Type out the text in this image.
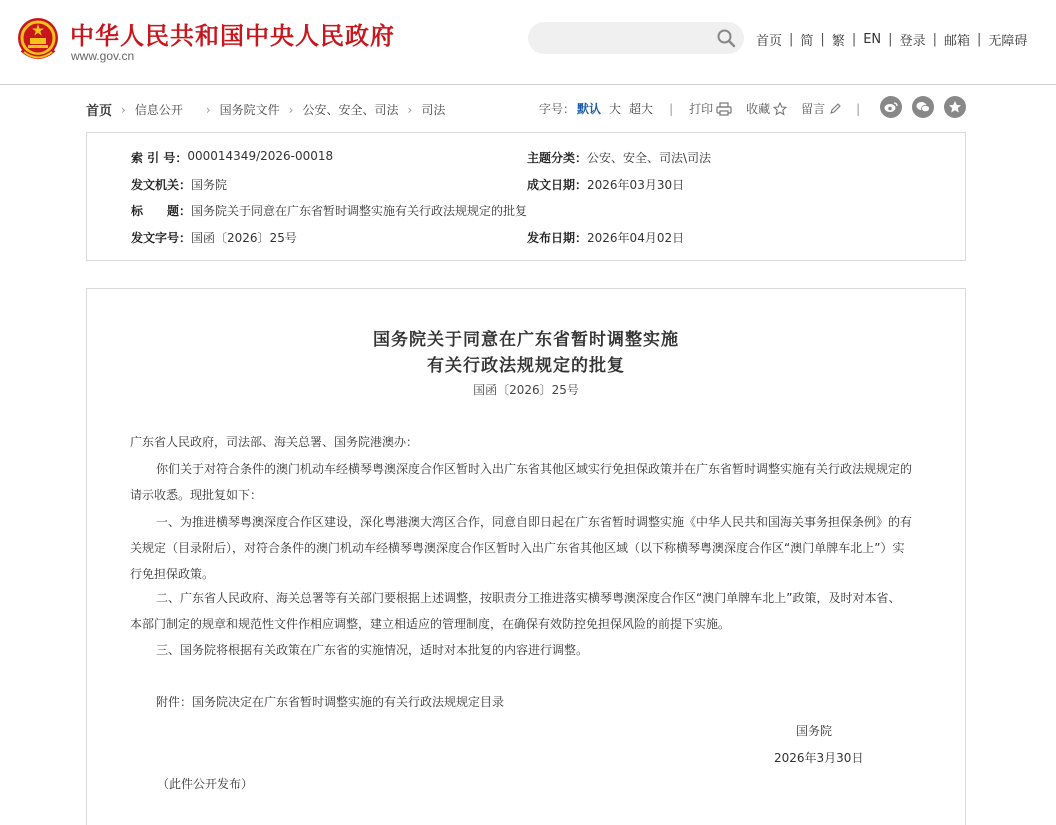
中华人民共和国中央人民政府
www.gov.cn
首页 | 简 | 繁 | EN | 登录 | 邮箱 | 无障碍
首页 › 信息公开 › 国务院文件 › 公安、安全、司法 › 司法	字号： 默认 大 超大 | 打印	收藏	留言	|
索 引 号： 000014349/2026-00018	主题分类： 公安、安全、司法\司法
发文机关： 国务院	成文日期： 2026年03月30日
标　　题： 国务院关于同意在广东省暂时调整实施有关行政法规规定的批复
发文字号： 国函〔2026〕25号	发布日期： 2026年04月02日
国务院关于同意在广东省暂时调整实施
有关行政法规规定的批复
国函〔2026〕25号
广东省人民政府，司法部、海关总署、国务院港澳办：
你们关于对符合条件的澳门机动车经横琴粤澳深度合作区暂时入出广东省其他区域实行免担保政策并在广东省暂时调整实施有关行政法规规定的请示收悉。现批复如下：
一、为推进横琴粤澳深度合作区建设，深化粤港澳大湾区合作，同意自即日起在广东省暂时调整实施《中华人民共和国海关事务担保条例》的有关规定（目录附后），对符合条件的澳门机动车经横琴粤澳深度合作区暂时入出广东省其他区域（以下称横琴粤澳深度合作区“澳门单牌车北上”）实行免担保政策。
二、广东省人民政府、海关总署等有关部门要根据上述调整，按职责分工推进落实横琴粤澳深度合作区“澳门单牌车北上”政策，及时对本省、本部门制定的规章和规范性文件作相应调整，建立相适应的管理制度，在确保有效防控免担保风险的前提下实施。
三、国务院将根据有关政策在广东省的实施情况，适时对本批复的内容进行调整。
附件：国务院决定在广东省暂时调整实施的有关行政法规规定目录
国务院
2026年3月30日
（此件公开发布）
